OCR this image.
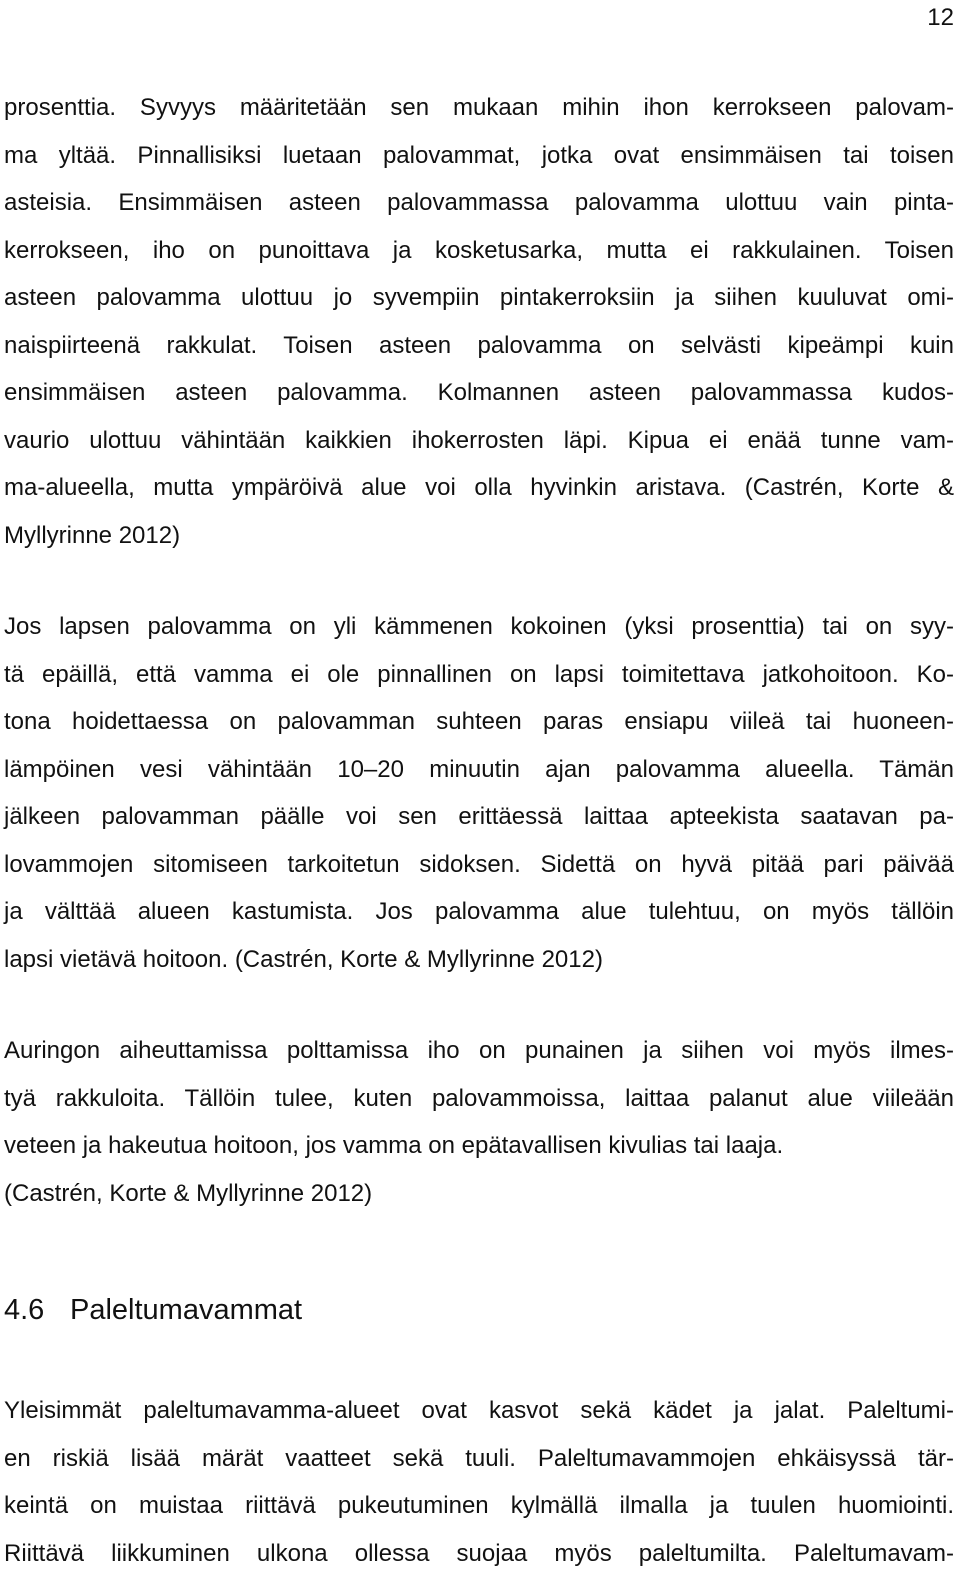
12
prosenttia. Syvyys määritetään sen mukaan mihin ihon kerrokseen palovam-
ma yltää. Pinnallisiksi luetaan palovammat, jotka ovat ensimmäisen tai toisen
asteisia. Ensimmäisen asteen palovammassa palovamma ulottuu vain pinta-
kerrokseen, iho on punoittava ja kosketusarka, mutta ei rakkulainen. Toisen
asteen palovamma ulottuu jo syvempiin pintakerroksiin ja siihen kuuluvat omi-
naispiirteenä rakkulat. Toisen asteen palovamma on selvästi kipeämpi kuin
ensimmäisen asteen palovamma. Kolmannen asteen palovammassa kudos-
vaurio ulottuu vähintään kaikkien ihokerrosten läpi. Kipua ei enää tunne vam-
ma-alueella, mutta ympäröivä alue voi olla hyvinkin aristava. (Castrén, Korte &
Myllyrinne 2012)
Jos lapsen palovamma on yli kämmenen kokoinen (yksi prosenttia) tai on syy-
tä epäillä, että vamma ei ole pinnallinen on lapsi toimitettava jatkohoitoon. Ko-
tona hoidettaessa on palovamman suhteen paras ensiapu viileä tai huoneen-
lämpöinen vesi vähintään 10–20 minuutin ajan palovamma alueella. Tämän
jälkeen palovamman päälle voi sen erittäessä laittaa apteekista saatavan pa-
lovammojen sitomiseen tarkoitetun sidoksen. Sidettä on hyvä pitää pari päivää
ja välttää alueen kastumista. Jos palovamma alue tulehtuu, on myös tällöin
lapsi vietävä hoitoon. (Castrén, Korte & Myllyrinne 2012)
Auringon aiheuttamissa polttamissa iho on punainen ja siihen voi myös ilmes-
tyä rakkuloita. Tällöin tulee, kuten palovammoissa, laittaa palanut alue viileään
veteen ja hakeutua hoitoon, jos vamma on epätavallisen kivulias tai laaja.
(Castrén, Korte & Myllyrinne 2012)
4.6 Paleltumavammat
Yleisimmät paleltumavamma-alueet ovat kasvot sekä kädet ja jalat. Paleltumi-
en riskiä lisää märät vaatteet sekä tuuli. Paleltumavammojen ehkäisyssä tär-
keintä on muistaa riittävä pukeutuminen kylmällä ilmalla ja tuulen huomiointi.
Riittävä liikkuminen ulkona ollessa suojaa myös paleltumilta. Paleltumavam-
